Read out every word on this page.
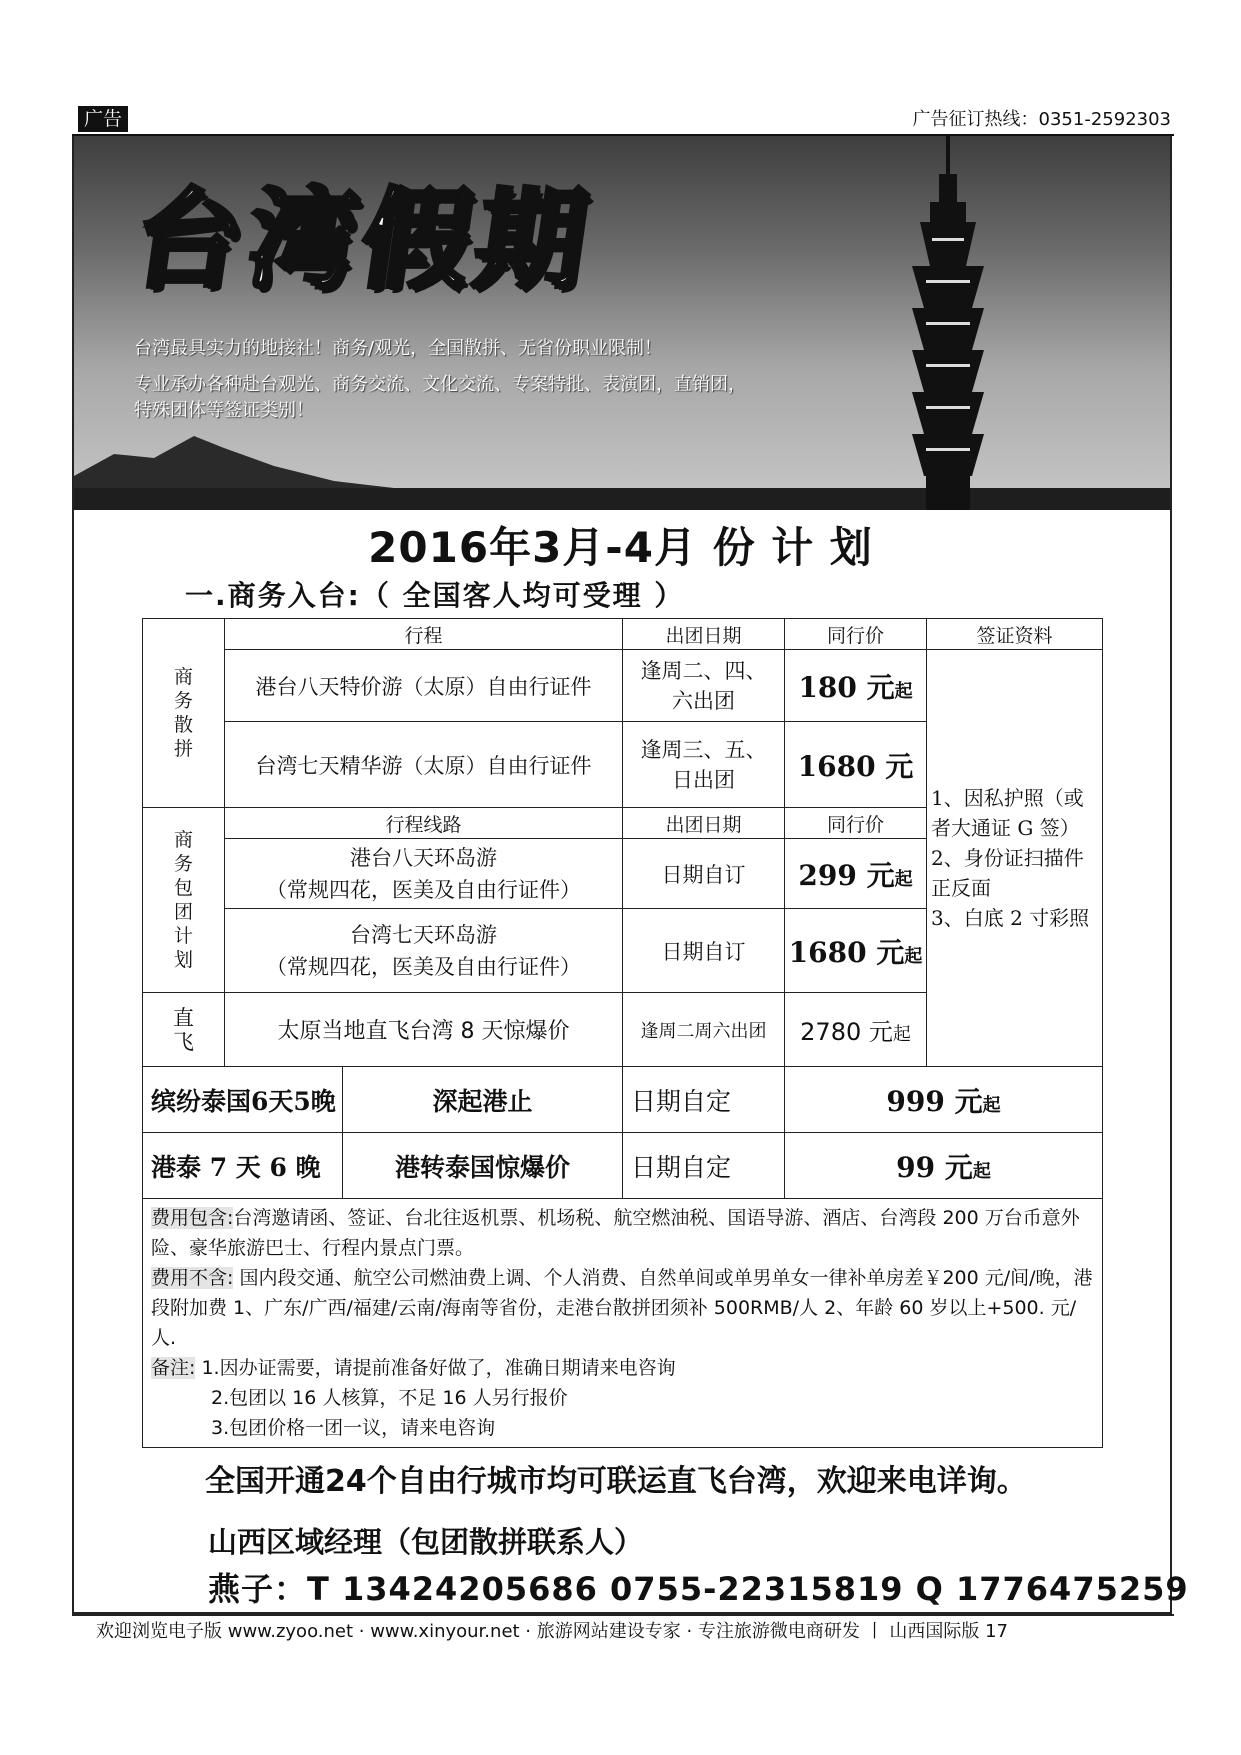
广告	广告征订热线：0351-2592303
台湾假期
台湾最具实力的地接社！商务/观光，全国散拼、无省份职业限制！
专业承办各种赴台观光、商务交流、文化交流、专案特批、表演团，直销团，
特殊团体等签证类别！
2016年3月-4月 份 计 划
一.商务入台:（ 全国客人均可受理 ）
商务散拼	行程		出团日期	同行价	签证资料
	港台八天特价游（太原）自由行证件		逢周二、四、六出团	180 元起	1、因私护照（或者大通证 G 签）
2、身份证扫描件正反面
3、白底 2 寸彩照

	台湾七天精华游（太原）自由行证件		逢周三、五、日出团	1680 元	
商务包团计划	行程线路		出团日期	同行价	

	港台八天环岛游
（常规四花，医美及自由行证件）		日期自订	299 元起	

	台湾七天环岛游
（常规四花，医美及自由行证件）		日期自订	1680 元起	
直飞	太原当地直飞台湾 8 天惊爆价		逢周二周六出团	2780 元起	
缤纷泰国6天5晚		深起港止	日期自定	999 元起	
港泰 7 天 6 晚		港转泰国惊爆价	日期自定	99 元起	

费用包含:台湾邀请函、签证、台北往返机票、机场税、航空燃油税、国语导游、酒店、台湾段 200 万台币意外险、豪华旅游巴士、行程内景点门票。
费用不含: 国内段交通、航空公司燃油费上调、个人消费、自然单间或单男单女一律补单房差￥200 元/间/晚，港段附加费 1、广东/广西/福建/云南/海南等省份，走港台散拼团须补 500RMB/人 2、年龄 60 岁以上+500. 元/人.
备注: 1.因办证需要，请提前准备好做了，准确日期请来电咨询
2.包团以 16 人核算，不足 16 人另行报价
3.包团价格一团一议，请来电咨询					
全国开通24个自由行城市均可联运直飞台湾，欢迎来电详询。
山西区域经理（包团散拼联系人）
燕子：T 13424205686 0755-22315819 Q 1776475259
欢迎浏览电子版 www.zyoo.net · www.xinyour.net · 旅游网站建设专家 · 专注旅游微电商研发 丨 山西国际版 17
